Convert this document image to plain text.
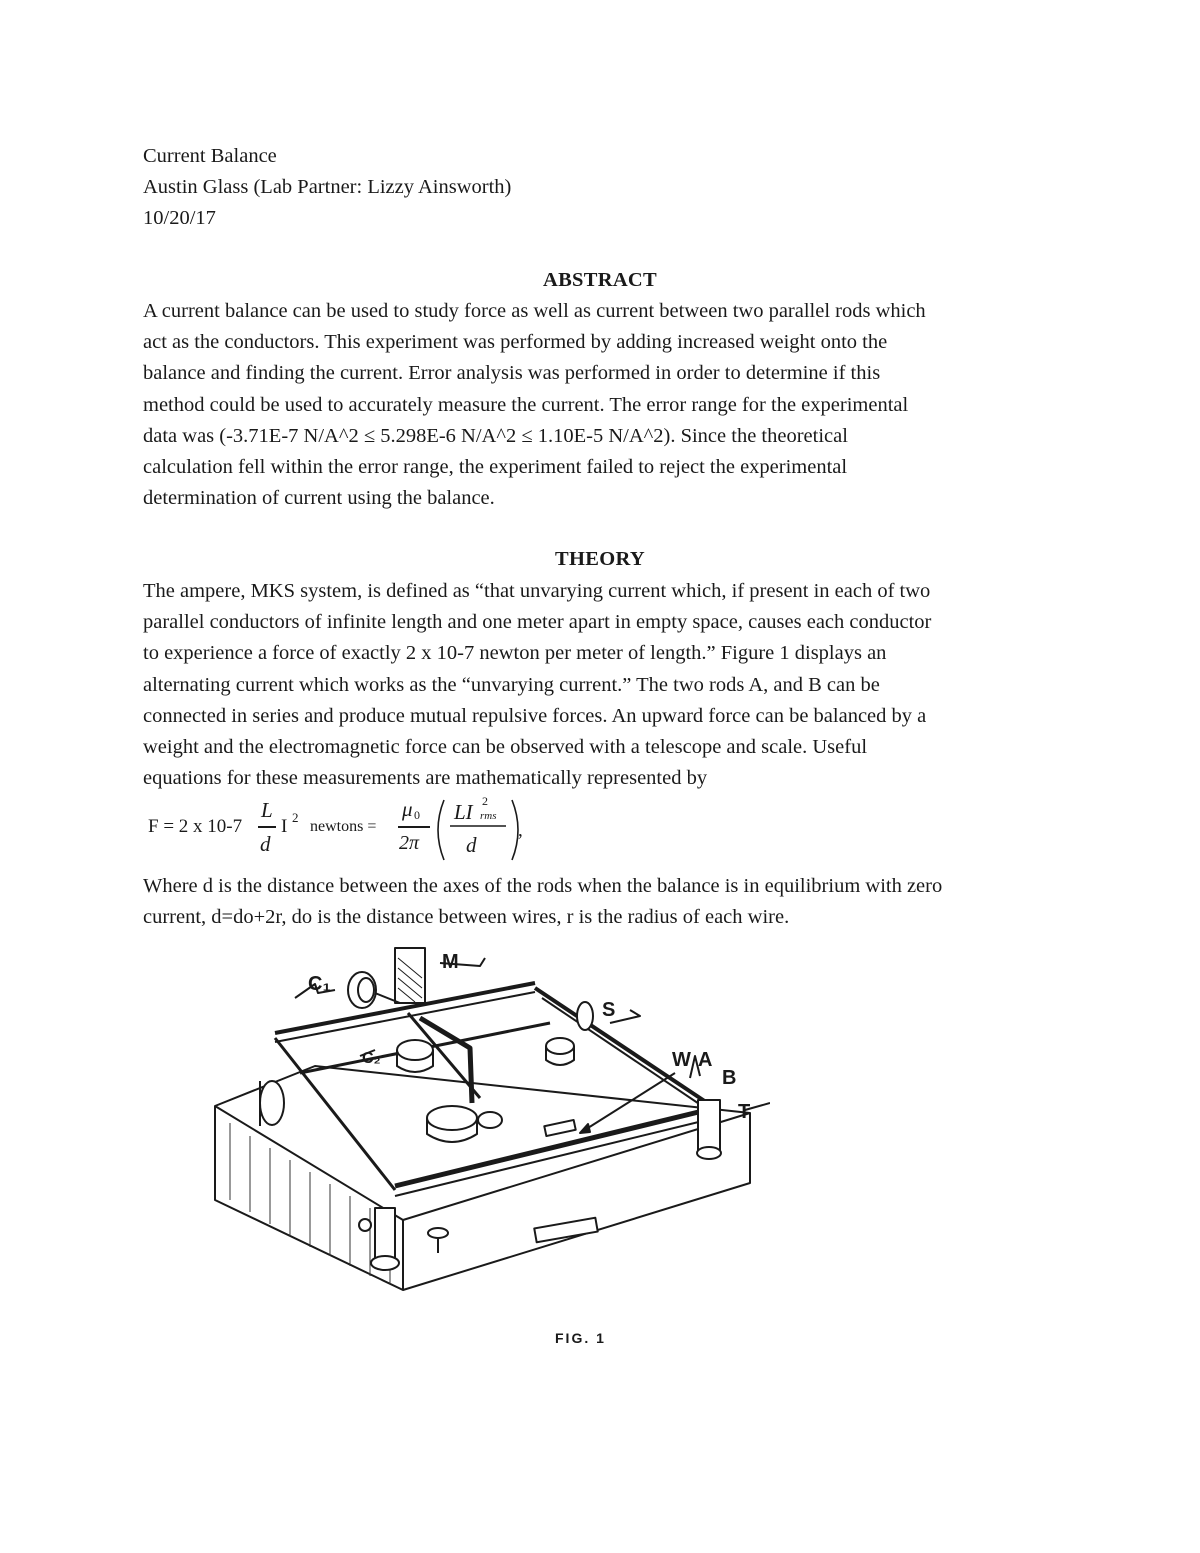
Current Balance
Austin Glass (Lab Partner: Lizzy Ainsworth)
10/20/17
ABSTRACT
A current balance can be used to study force as well as current between two parallel rods which
act as the conductors. This experiment was performed by adding increased weight onto the
balance and finding the current. Error analysis was performed in order to determine if this
method could be used to accurately measure the current. The error range for the experimental
data was (-3.71E-7 N/A^2 ≤ 5.298E-6 N/A^2 ≤ 1.10E-5 N/A^2). Since the theoretical
calculation fell within the error range, the experiment failed to reject the experimental
determination of current using the balance.
THEORY
The ampere, MKS system, is defined as “that unvarying current which, if present in each of two
parallel conductors of infinite length and one meter apart in empty space, causes each conductor
to experience a force of exactly 2 x 10-7 newton per meter of length.” Figure 1 displays an
alternating current which works as the “unvarying current.” The two rods A, and B can be
connected in series and produce mutual repulsive forces. An upward force can be balanced by a
weight and the electromagnetic force can be observed with a telescope and scale. Useful
equations for these measurements are mathematically represented by
F = 2 x 10-7
L
d
I 2
newtons =
μ 0
2π
LI 2
rms
d
,
Where d is the distance between the axes of the rods when the balance is in equilibrium with zero
current, d=do+2r, do is the distance between wires, r is the radius of each wire.
C₁
M
S
W A
B
T
C₂
FIG. 1
